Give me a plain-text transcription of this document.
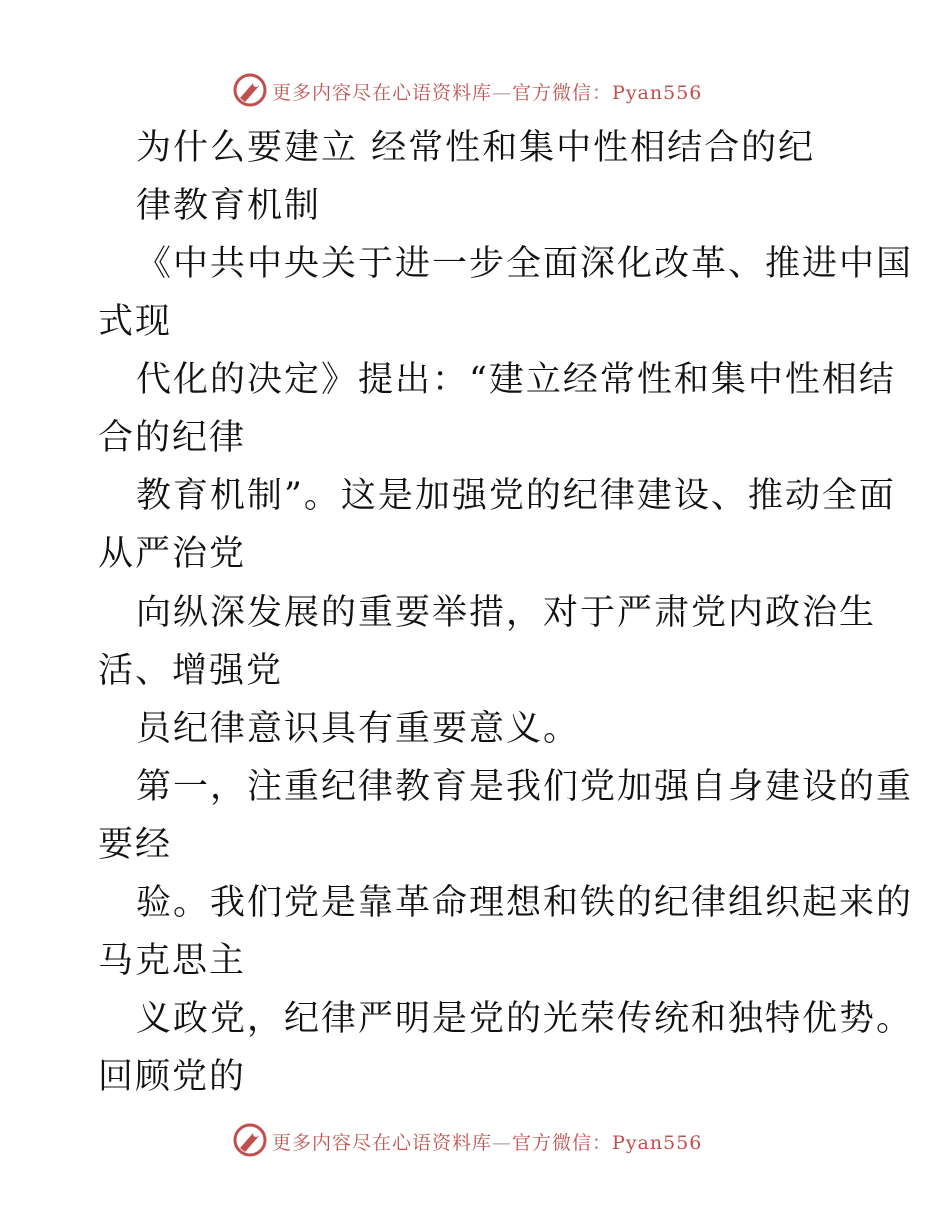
更多内容尽在心语资料库—官方微信：Pyan556
为什么要建立 经常性和集中性相结合的纪
律教育机制
《中共中央关于进一步全面深化改革、推进中国
式现
代化的决定》提出：“建立经常性和集中性相结
合的纪律
教育机制”。这是加强党的纪律建设、推动全面
从严治党
向纵深发展的重要举措，对于严肃党内政治生
活、增强党
员纪律意识具有重要意义。
第一，注重纪律教育是我们党加强自身建设的重
要经
验。我们党是靠革命理想和铁的纪律组织起来的
马克思主
义政党，纪律严明是党的光荣传统和独特优势。
回顾党的
更多内容尽在心语资料库—官方微信：Pyan556
